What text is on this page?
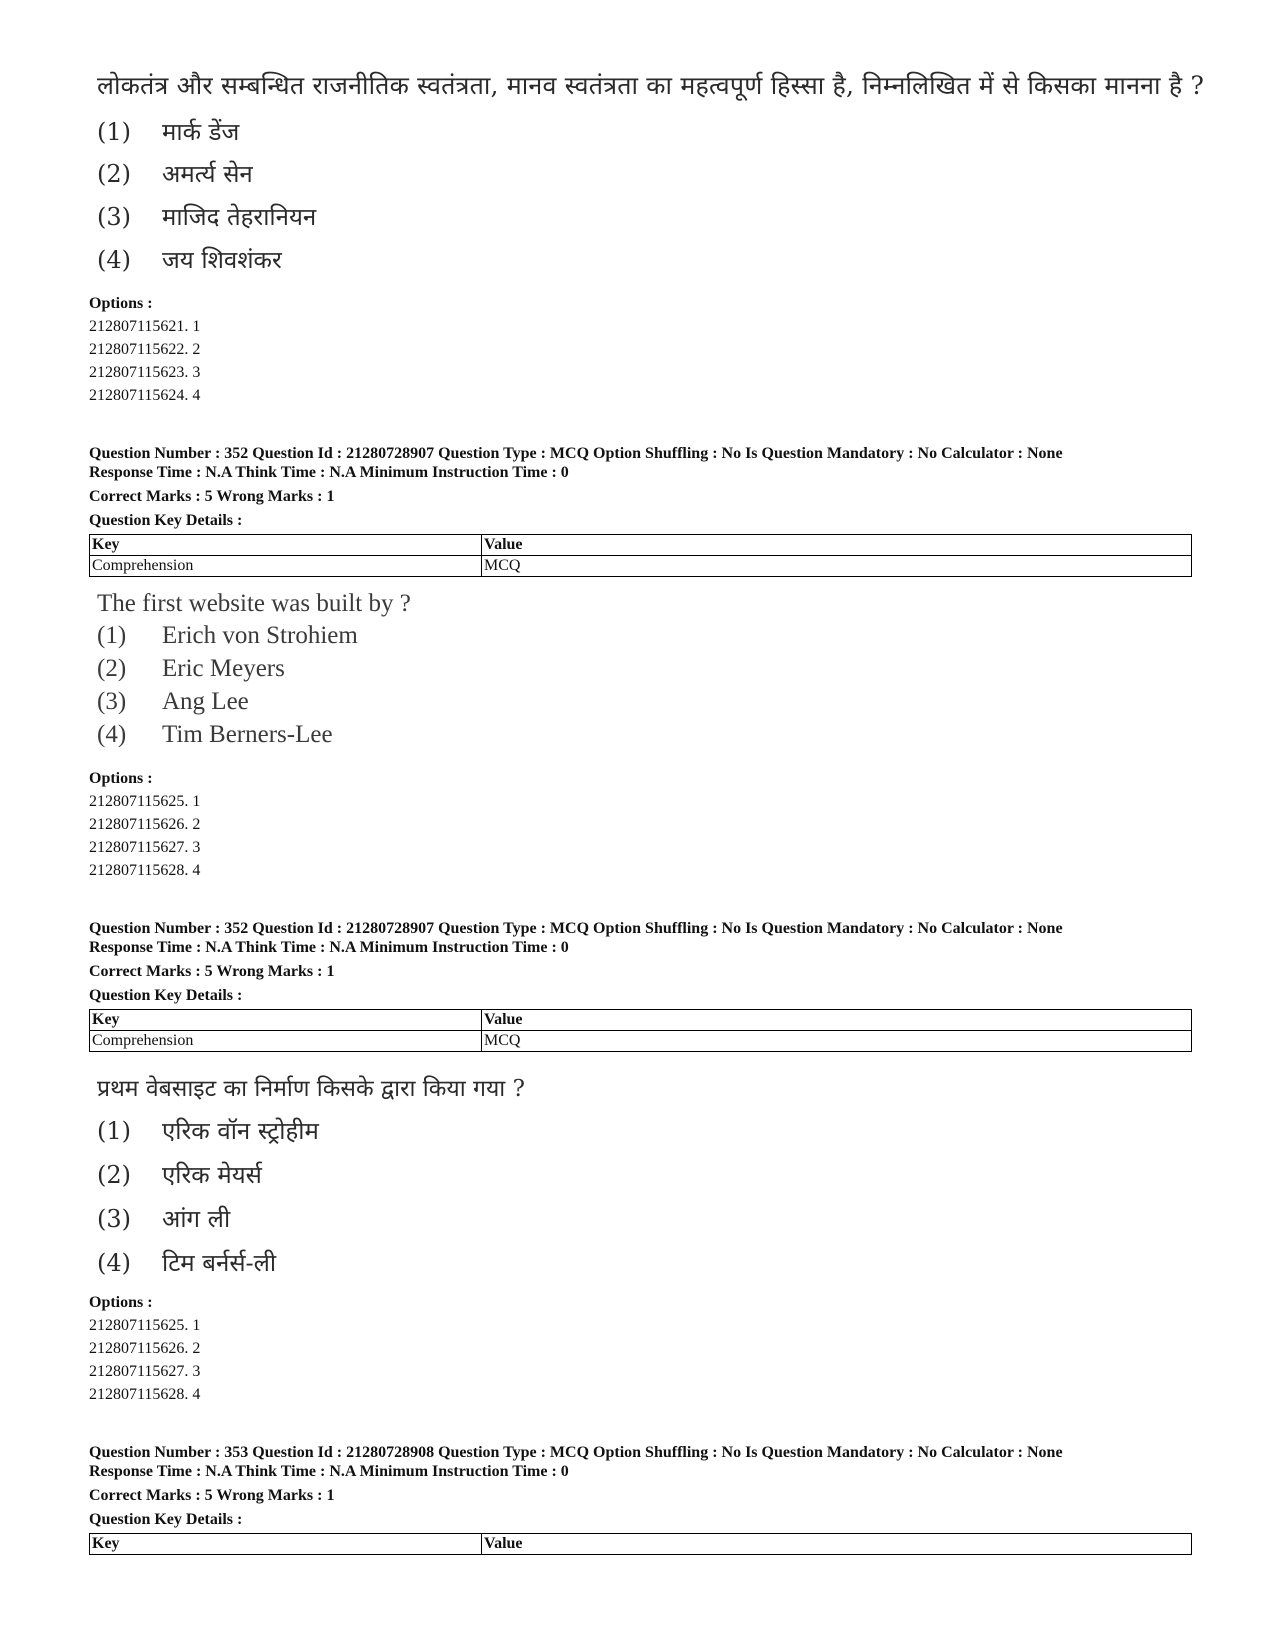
लोकतंत्र और सम्बन्धित राजनीतिक स्वतंत्रता, मानव स्वतंत्रता का महत्वपूर्ण हिस्सा है, निम्नलिखित में से किसका मानना है ?
(1) मार्क डेंज
(2) अमर्त्य सेन
(3) माजिद तेहरानियन
(4) जय शिवशंकर
Options :
212807115621. 1
212807115622. 2
212807115623. 3
212807115624. 4
Question Number : 352 Question Id : 21280728907 Question Type : MCQ Option Shuffling : No Is Question Mandatory : No Calculator : None
Response Time : N.A Think Time : N.A Minimum Instruction Time : 0
Correct Marks : 5 Wrong Marks : 1
Question Key Details :
Key	Value
Comprehension	MCQ
The first website was built by ?
(1) Erich von Strohiem
(2) Eric Meyers
(3) Ang Lee
(4) Tim Berners-Lee
Options :
212807115625. 1
212807115626. 2
212807115627. 3
212807115628. 4
Question Number : 352 Question Id : 21280728907 Question Type : MCQ Option Shuffling : No Is Question Mandatory : No Calculator : None
Response Time : N.A Think Time : N.A Minimum Instruction Time : 0
Correct Marks : 5 Wrong Marks : 1
Question Key Details :
Key	Value
Comprehension	MCQ
प्रथम वेबसाइट का निर्माण किसके द्वारा किया गया ?
(1) एरिक वॉन स्ट्रोहीम
(2) एरिक मेयर्स
(3) आंग ली
(4) टिम बर्नर्स-ली
Options :
212807115625. 1
212807115626. 2
212807115627. 3
212807115628. 4
Question Number : 353 Question Id : 21280728908 Question Type : MCQ Option Shuffling : No Is Question Mandatory : No Calculator : None
Response Time : N.A Think Time : N.A Minimum Instruction Time : 0
Correct Marks : 5 Wrong Marks : 1
Question Key Details :
Key	Value
